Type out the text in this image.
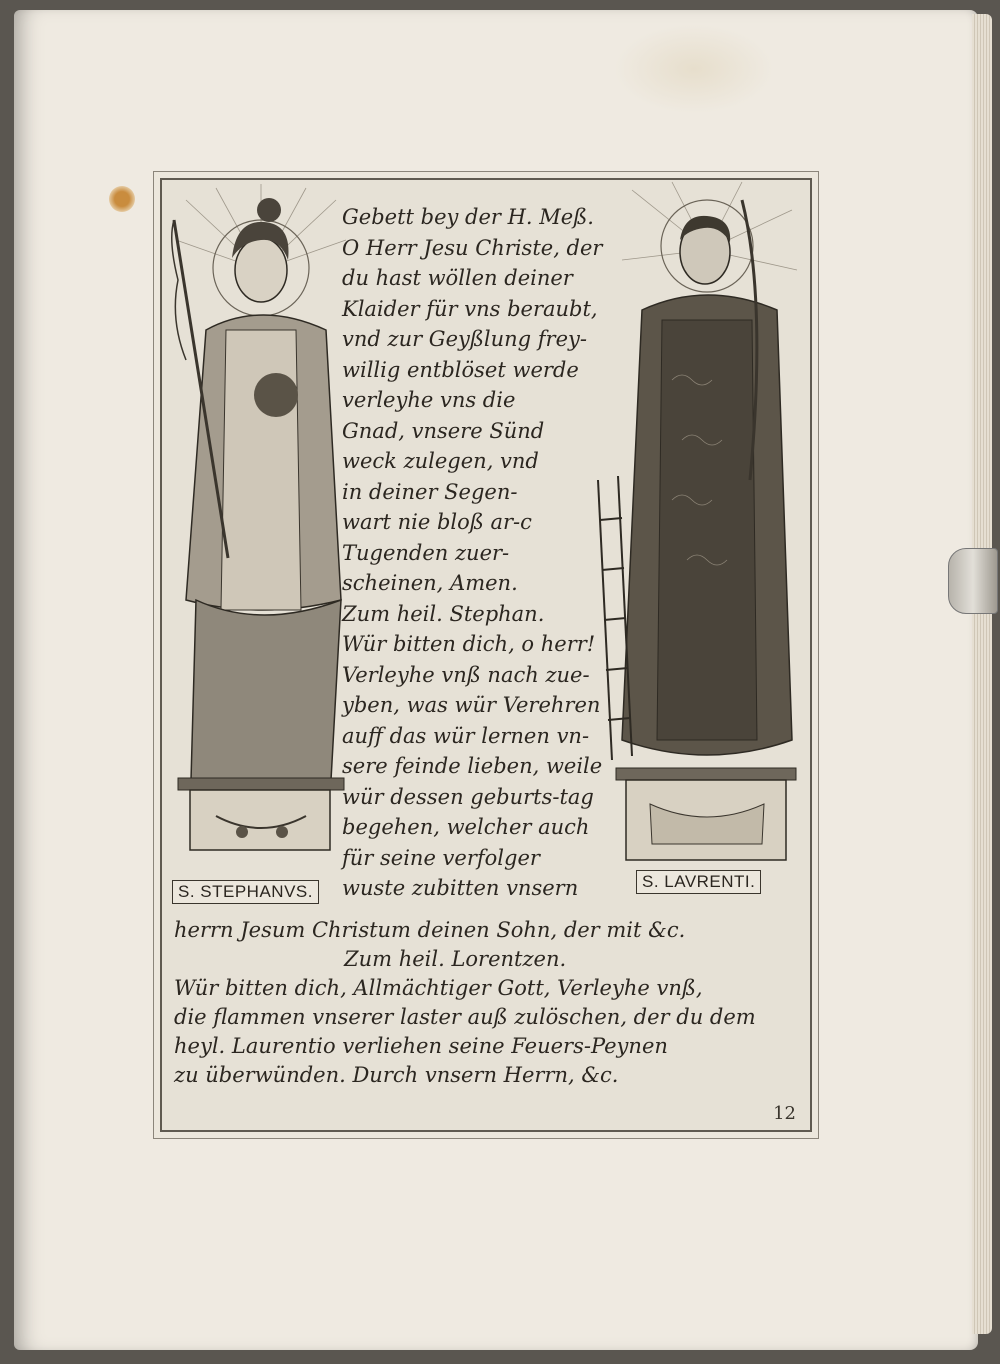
Gebett bey der H. Meß.
O Herr Jesu Christe, der
du hast wöllen deiner
Klaider für vns beraubt,
vnd zur Geyßlung frey-
willig entblöset werde
verleyhe vns die
Gnad, vnsere Sünd
weck zulegen, vnd
in deiner Segen-
wart nie bloß ar-c
Tugenden zuer-
scheinen, Amen.
Zum heil. Stephan.
Wür bitten dich, o herr!
Verleyhe vnß nach zue-
yben, was wür Verehren
auff das wür lernen vn-
sere feinde lieben, weile
wür dessen geburts-tag
begehen, welcher auch
für seine verfolger
wuste zubitten vnsern
S. STEPHANVS.
S. LAVRENTI.
herrn Jesum Christum deinen Sohn, der mit &c.
Zum heil. Lorentzen.
Wür bitten dich, Allmächtiger Gott, Verleyhe vnß,
die flammen vnserer laster auß zulöschen, der du dem
heyl. Laurentio verliehen seine Feuers-Peynen
zu überwünden. Durch vnsern Herrn, &c.
12
